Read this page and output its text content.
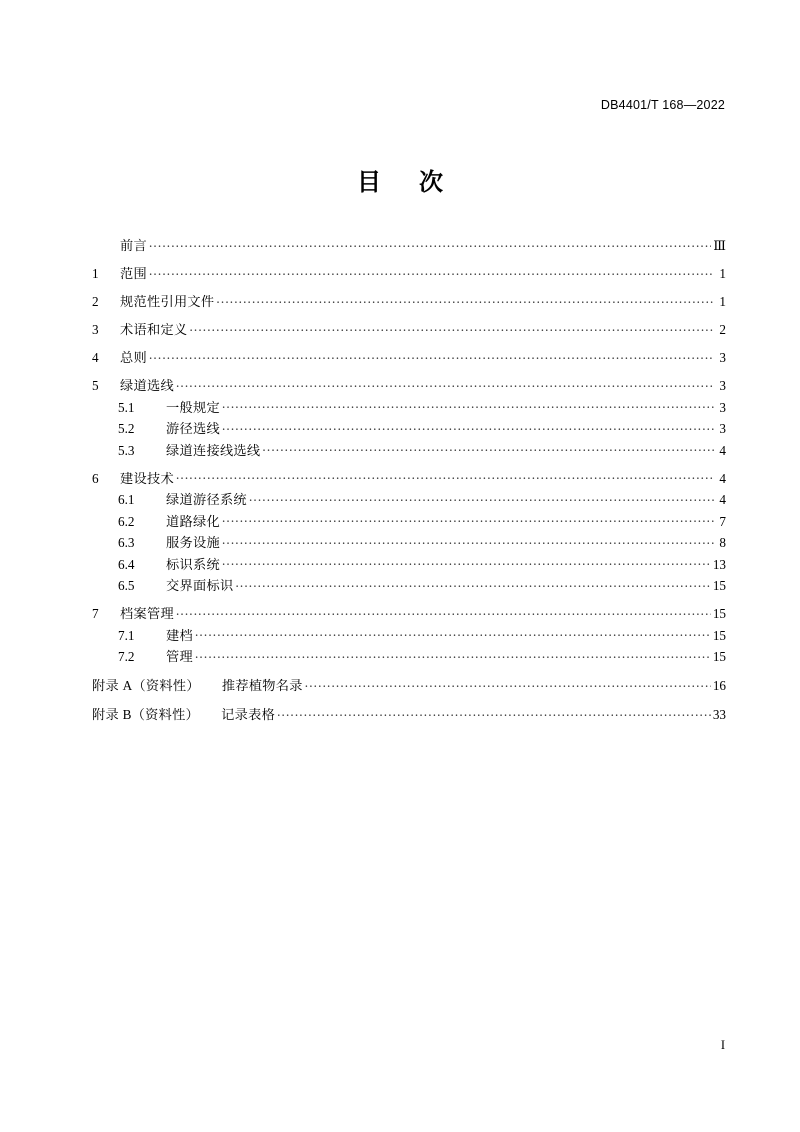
DB4401/T 168—2022
目 次
前言 .....	Ⅲ
1	范围 .....	1
2	规范性引用文件 .....	1
3	术语和定义 .....	2
4	总则 .....	3
5	绿道选线 .....	3
5.1	一般规定 .....	3
5.2	游径选线 .....	3
5.3	绿道连接线选线 .....	4
6	建设技术 .....	4
6.1	绿道游径系统 .....	4
6.2	道路绿化 .....	7
6.3	服务设施 .....	8
6.4	标识系统 .....	13
6.5	交界面标识 .....	15
7	档案管理 .....	15
7.1	建档 .....	15
7.2	管理 .....	15
附录 A（资料性） 推荐植物名录 .....	16
附录 B（资料性） 记录表格 .....	33
I
